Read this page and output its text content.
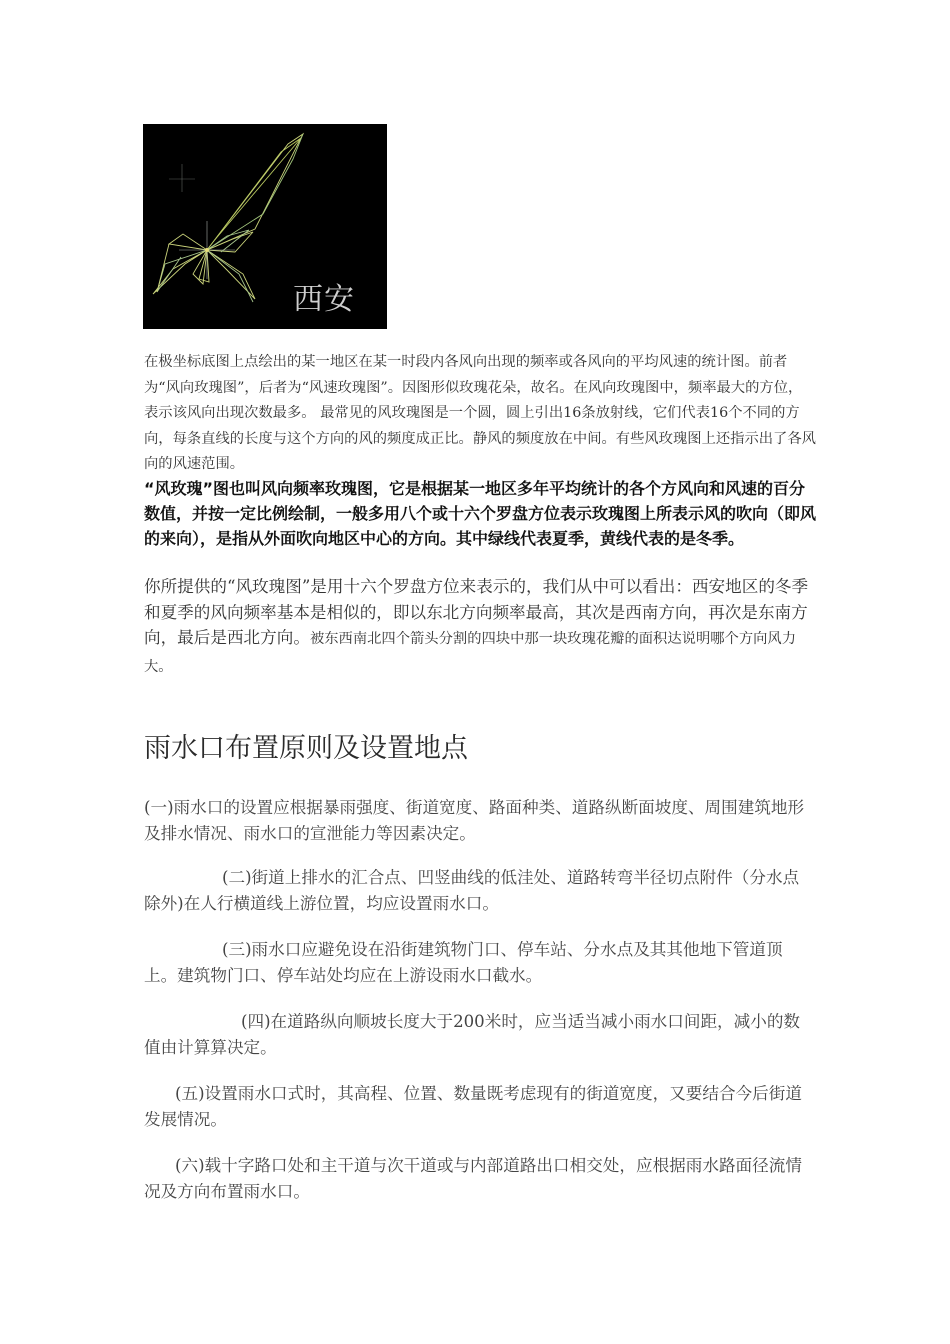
西安

在极坐标底图上点绘出的某一地区在某一时段内各风向出现的频率或各风向的平均风速的统计图。前者为“风向玫瑰图”，后者为“风速玫瑰图”。因图形似玫瑰花朵，故名。在风向玫瑰图中，频率最大的方位，表示该风向出现次数最多。 最常见的风玫瑰图是一个圆，圆上引出16条放射线，它们代表16个不同的方向，每条直线的长度与这个方向的风的频度成正比。静风的频度放在中间。有些风玫瑰图上还指示出了各风向的风速范围。

“风玫瑰”图也叫风向频率玫瑰图，它是根据某一地区多年平均统计的各个方风向和风速的百分数值，并按一定比例绘制，一般多用八个或十六个罗盘方位表示玫瑰图上所表示风的吹向（即风的来向），是指从外面吹向地区中心的方向。其中绿线代表夏季，黄线代表的是冬季。

你所提供的“风玫瑰图”是用十六个罗盘方位来表示的，我们从中可以看出：西安地区的冬季和夏季的风向频率基本是相似的，即以东北方向频率最高，其次是西南方向，再次是东南方向，最后是西北方向。被东西南北四个箭头分割的四块中那一块玫瑰花瓣的面积达说明哪个方向风力大。

雨水口布置原则及设置地点

(一)雨水口的设置应根据暴雨强度、街道宽度、路面种类、道路纵断面坡度、周围建筑地形及排水情况、雨水口的宣泄能力等因素决定。

(二)街道上排水的汇合点、凹竖曲线的低洼处、道路转弯半径切点附件（分水点除外)在人行横道线上游位置，均应设置雨水口。

(三)雨水口应避免设在沿街建筑物门口、停车站、分水点及其其他地下管道顶上。建筑物门口、停车站处均应在上游设雨水口截水。

(四)在道路纵向顺坡长度大于200米时，应当适当减小雨水口间距，减小的数值由计算算决定。

(五)设置雨水口式时，其高程、位置、数量既考虑现有的街道宽度，又要结合今后街道发展情况。

(六)载十字路口处和主干道与次干道或与内部道路出口相交处，应根据雨水路面径流情况及方向布置雨水口。
